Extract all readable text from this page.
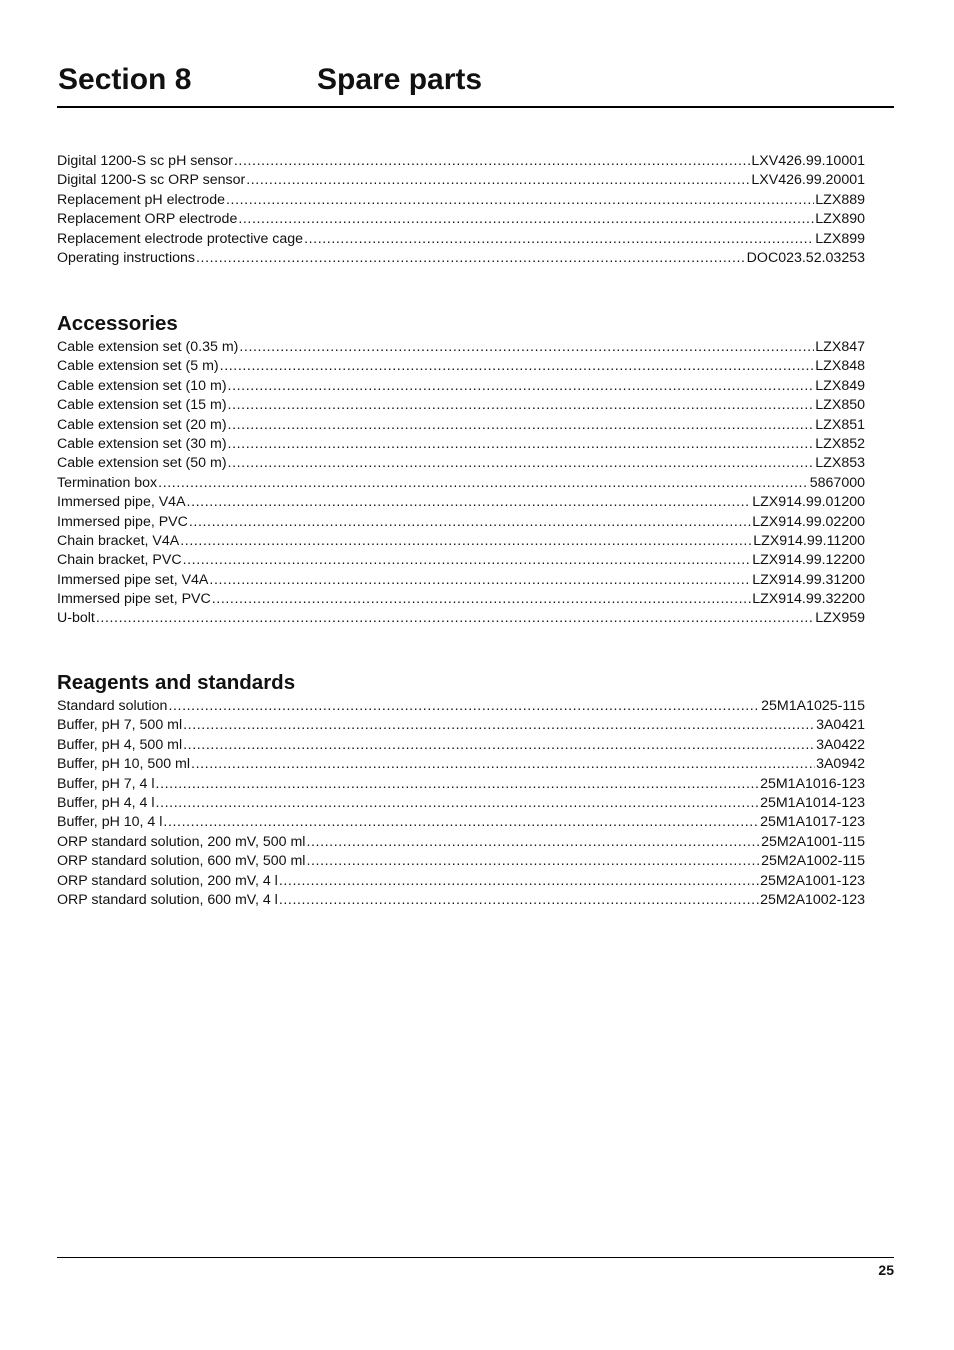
Section 8	Spare parts
Digital 1200-S sc pH sensor .....	LXV426.99.10001
Digital 1200-S sc ORP sensor .....	LXV426.99.20001
Replacement pH electrode .....	LZX889
Replacement ORP electrode .....	LZX890
Replacement electrode protective cage .....	LZX899
Operating instructions .....	DOC023.52.03253
Accessories
Cable extension set (0.35 m) .....	LZX847
Cable extension set (5 m) .....	LZX848
Cable extension set (10 m) .....	LZX849
Cable extension set (15 m) .....	LZX850
Cable extension set (20 m) .....	LZX851
Cable extension set (30 m) .....	LZX852
Cable extension set (50 m) .....	LZX853
Termination box .....	5867000
Immersed pipe, V4A .....	LZX914.99.01200
Immersed pipe, PVC .....	LZX914.99.02200
Chain bracket, V4A .....	LZX914.99.11200
Chain bracket, PVC .....	LZX914.99.12200
Immersed pipe set, V4A .....	LZX914.99.31200
Immersed pipe set, PVC .....	LZX914.99.32200
U-bolt .....	LZX959
Reagents and standards
Standard solution .....	25M1A1025-115
Buffer, pH 7, 500 ml .....	3A0421
Buffer, pH 4, 500 ml .....	3A0422
Buffer, pH 10, 500 ml .....	3A0942
Buffer, pH 7, 4 l .....	25M1A1016-123
Buffer, pH 4, 4 l .....	25M1A1014-123
Buffer, pH 10, 4 l .....	25M1A1017-123
ORP standard solution, 200 mV, 500 ml .....	25M2A1001-115
ORP standard solution, 600 mV, 500 ml .....	25M2A1002-115
ORP standard solution, 200 mV, 4 l .....	25M2A1001-123
ORP standard solution, 600 mV, 4 l .....	25M2A1002-123
25
